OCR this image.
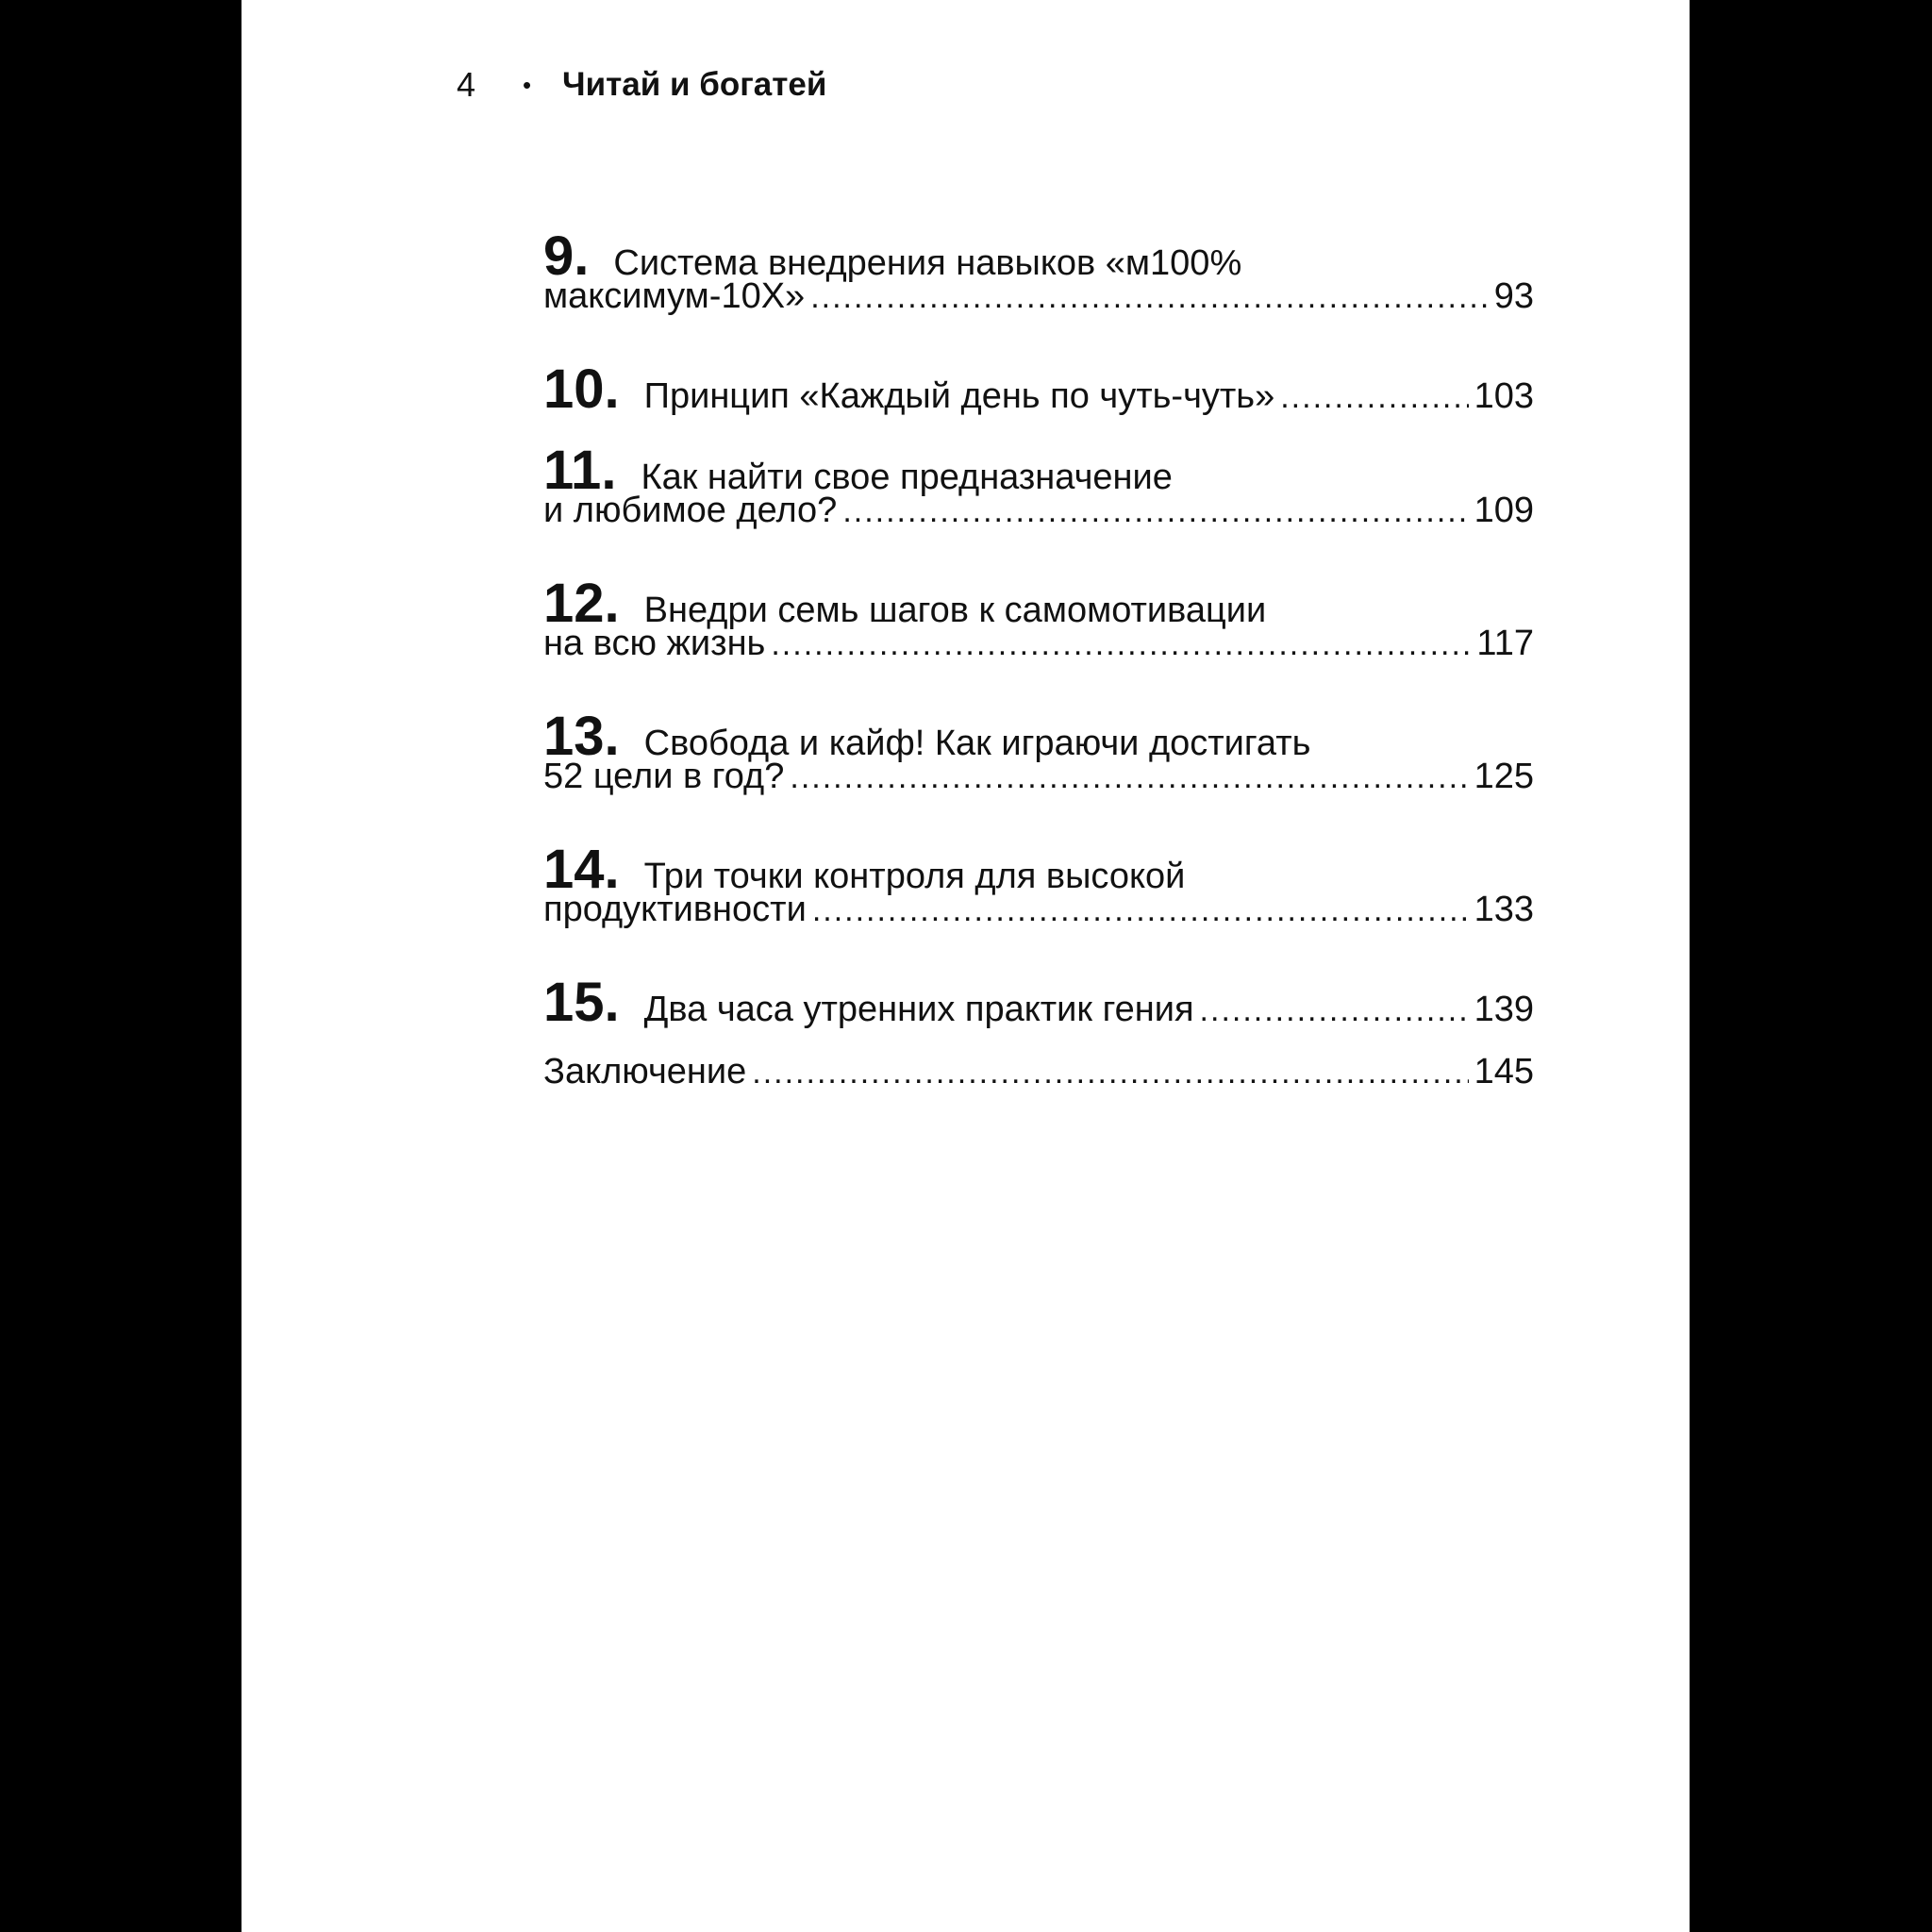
4	• Читай и богатей
9. Система внедрения навыков «м100%
максимум-10Х» .....	93
10. Принцип «Каждый день по чуть-чуть» .....	103
11. Как найти свое предназначение
и любимое дело? .....	109
12. Внедри семь шагов к самомотивации
на всю жизнь .....	117
13. Свобода и кайф! Как играючи достигать
52 цели в год? .....	125
14. Три точки контроля для высокой
продуктивности .....	133
15. Два часа утренних практик гения .....	139
Заключение .....	145
